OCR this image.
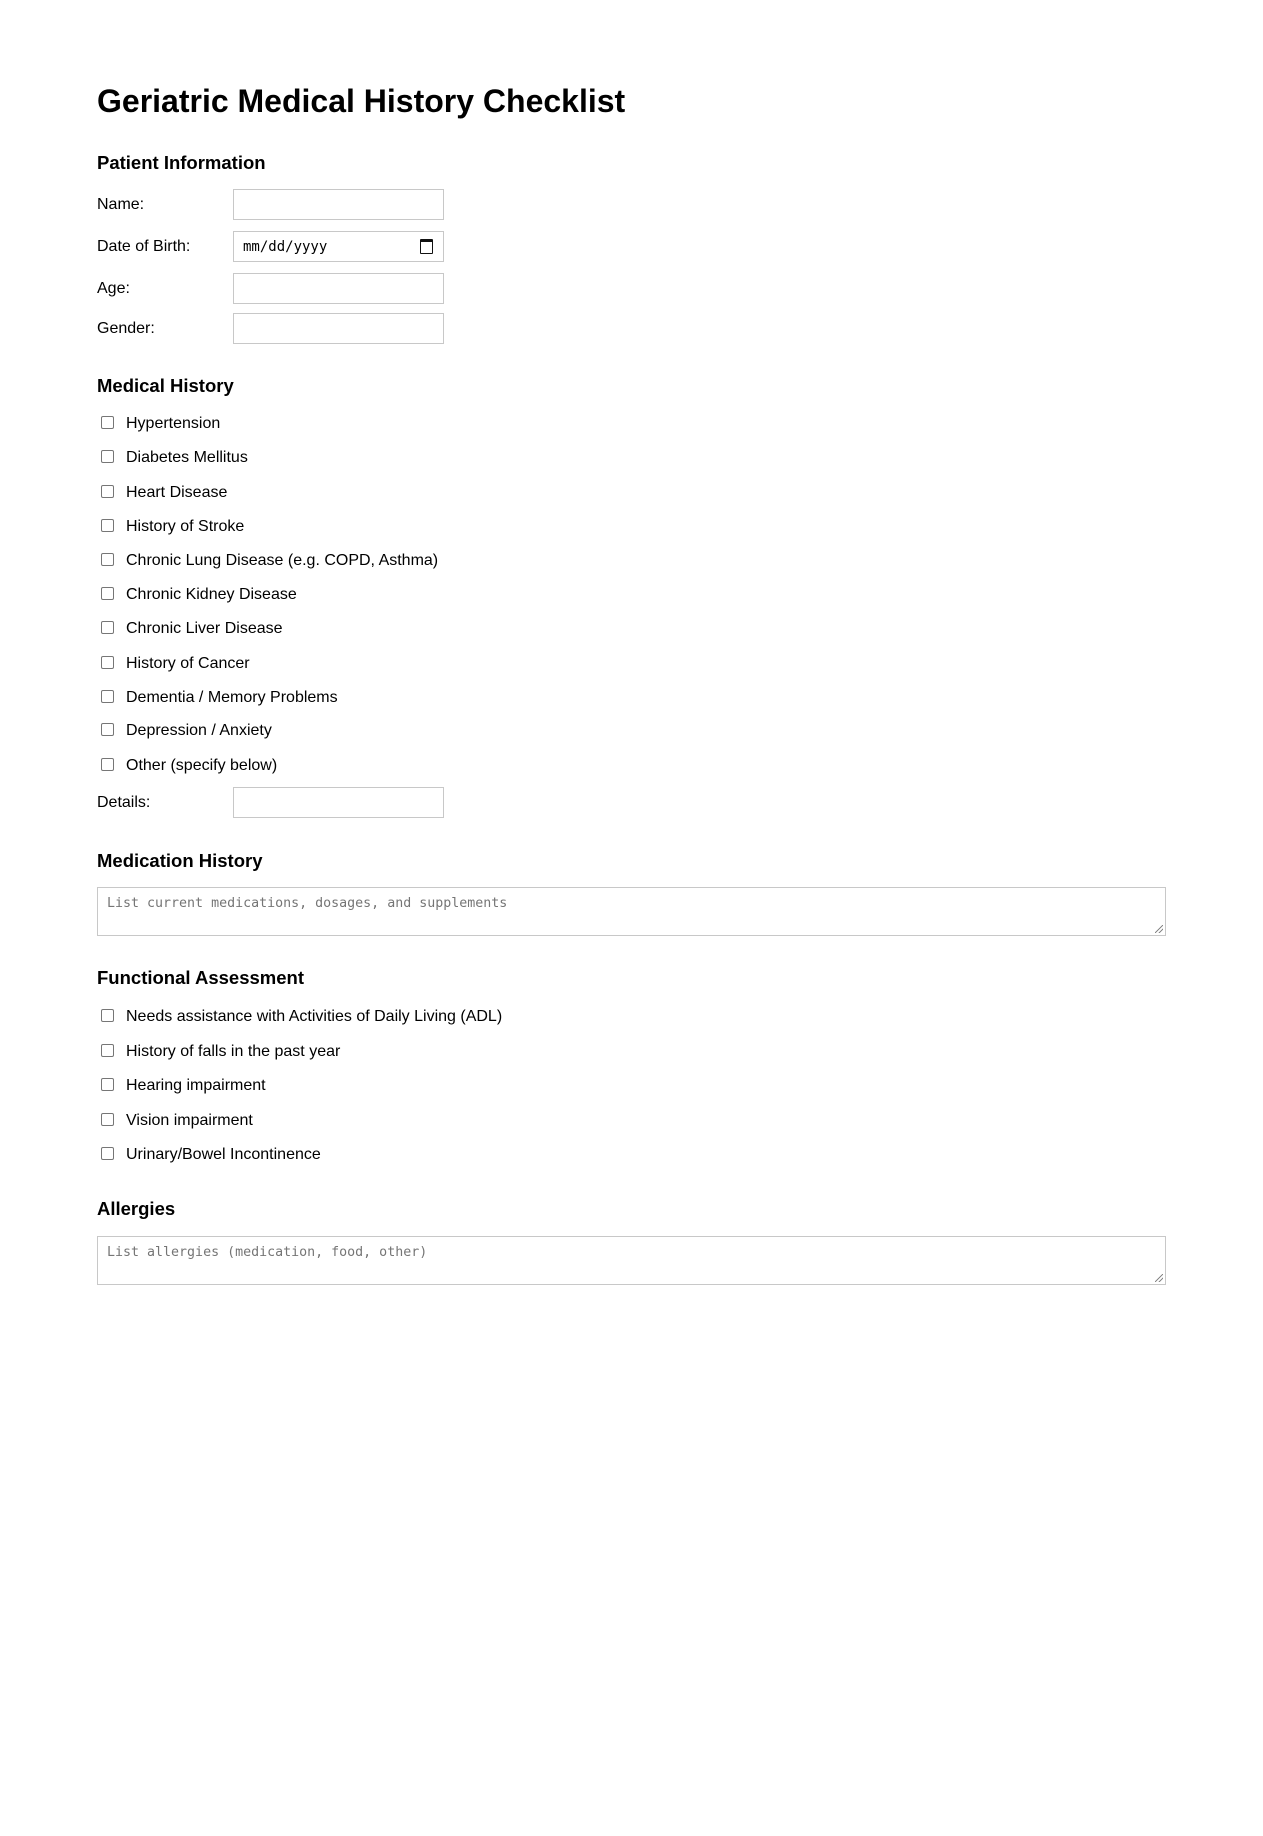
Geriatric Medical History Checklist
Patient Information
Name:
Date of Birth:	mm/dd/yyyy
Age:
Gender:
Medical History
Hypertension
Diabetes Mellitus
Heart Disease
History of Stroke
Chronic Lung Disease (e.g. COPD, Asthma)
Chronic Kidney Disease
Chronic Liver Disease
History of Cancer
Dementia / Memory Problems
Depression / Anxiety
Other (specify below)
Details:
Medication History
List current medications, dosages, and supplements
Functional Assessment
Needs assistance with Activities of Daily Living (ADL)
History of falls in the past year
Hearing impairment
Vision impairment
Urinary/Bowel Incontinence
Allergies
List allergies (medication, food, other)
